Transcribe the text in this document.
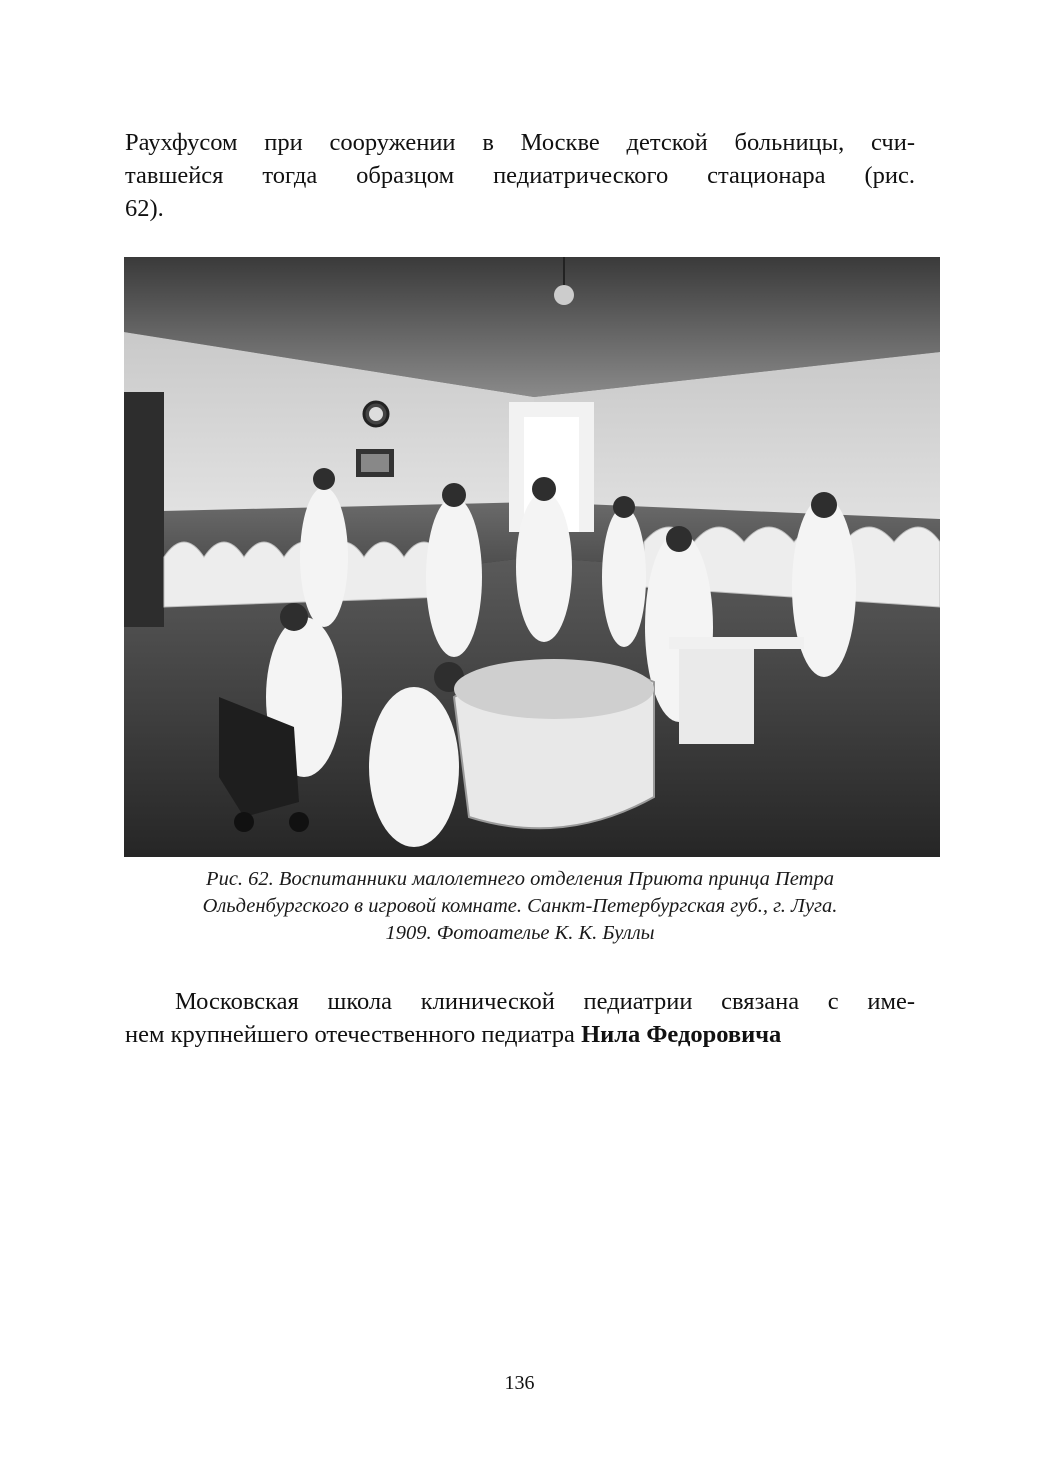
Раухфусом при сооружении в Москве детской больницы, счи-
тавшейся тогда образцом педиатрического стационара (рис.
62).
Рис. 62. Воспитанники малолетнего отделения Приюта принца Петра
Ольденбургского в игровой комнате. Санкт-Петербургская губ., г. Луга.
1909. Фотоателье К. К. Буллы
Московская школа клинической педиатрии связана с име-
нем крупнейшего отечественного педиатра Нила Федоровича
136
